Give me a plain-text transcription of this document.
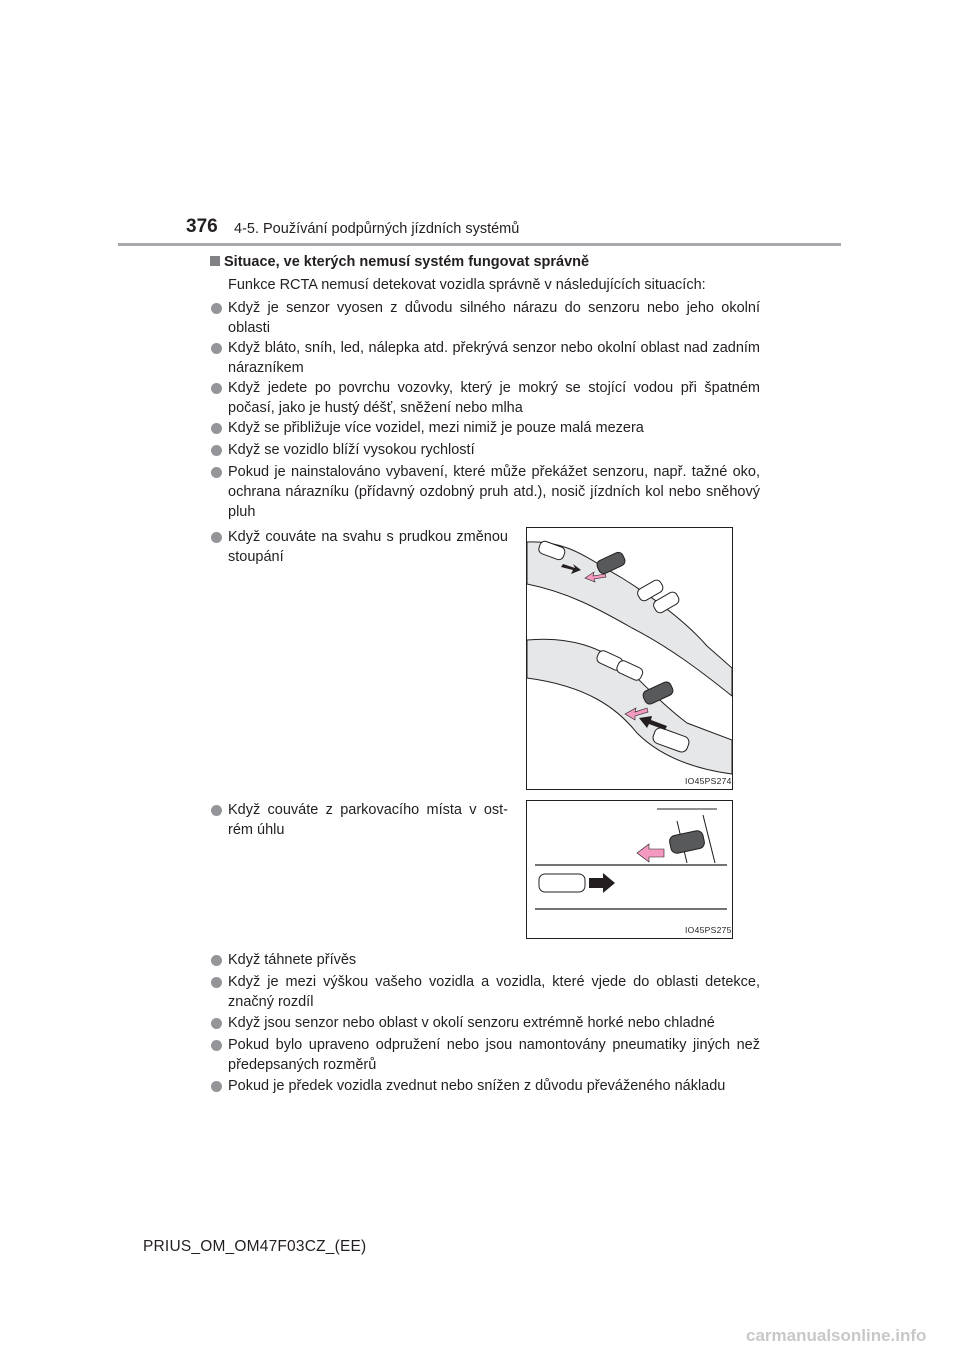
376 4-5. Používání podpůrných jízdních systémů
Situace, ve kterých nemusí systém fungovat správně
Funkce RCTA nemusí detekovat vozidla správně v následujících situacích:
Když je senzor vyosen z důvodu silného nárazu do senzoru nebo jeho okolní oblasti
Když bláto, sníh, led, nálepka atd. překrývá senzor nebo okolní oblast nad zadním nárazníkem
Když jedete po povrchu vozovky, který je mokrý se stojící vodou při špatném počasí, jako je hustý déšť, sněžení nebo mlha
Když se přibližuje více vozidel, mezi nimiž je pouze malá mezera
Když se vozidlo blíží vysokou rychlostí
Pokud je nainstalováno vybavení, které může překážet senzoru, např. tažné oko, ochrana nárazníku (přídavný ozdobný pruh atd.), nosič jízdních kol nebo sněhový pluh
Když couváte na svahu s prudkou změnou stoupání
IO45PS274
Když couváte z parkovacího místa v ost-rém úhlu
IO45PS275
Když táhnete přívěs
Když je mezi výškou vašeho vozidla a vozidla, které vjede do oblasti detekce, značný rozdíl
Když jsou senzor nebo oblast v okolí senzoru extrémně horké nebo chladné
Pokud bylo upraveno odpružení nebo jsou namontovány pneumatiky jiných než předepsaných rozměrů
Pokud je předek vozidla zvednut nebo snížen z důvodu převáženého nákladu
PRIUS_OM_OM47F03CZ_(EE)
carmanualsonline.info
